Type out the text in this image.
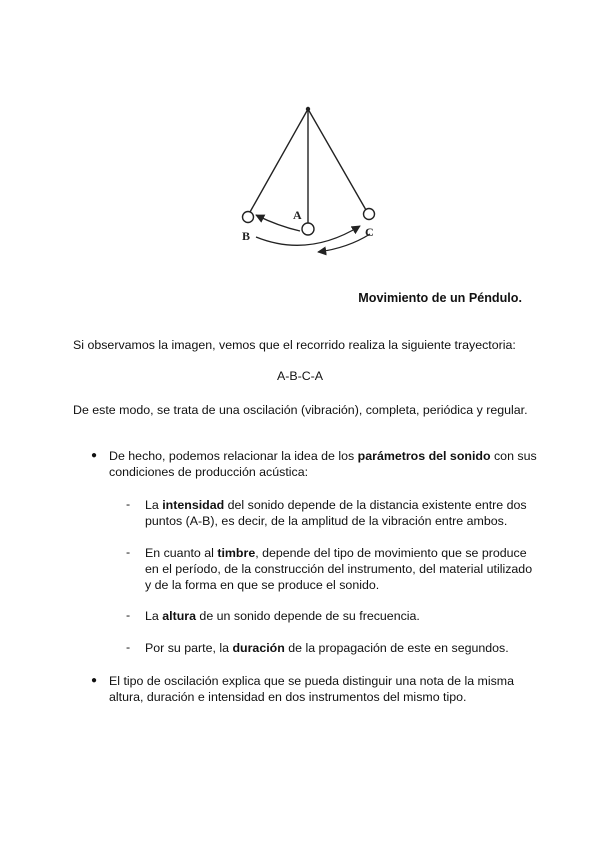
A
B	C
Movimiento de un Péndulo.
Si observamos la imagen, vemos que el recorrido realiza la siguiente trayectoria:
A-B-C-A
De este modo, se trata de una oscilación (vibración), completa, periódica y regular.
● De hecho, podemos relacionar la idea de los parámetros del sonido con sus condiciones de producción acústica:
- La intensidad del sonido depende de la distancia existente entre dos puntos (A-B), es decir, de la amplitud de la vibración entre ambos.
- En cuanto al timbre, depende del tipo de movimiento que se produce en el período, de la construcción del instrumento, del material utilizado y de la forma en que se produce el sonido.
- La altura de un sonido depende de su frecuencia.
- Por su parte, la duración de la propagación de este en segundos.
● El tipo de oscilación explica que se pueda distinguir una nota de la misma altura, duración e intensidad en dos instrumentos del mismo tipo.
